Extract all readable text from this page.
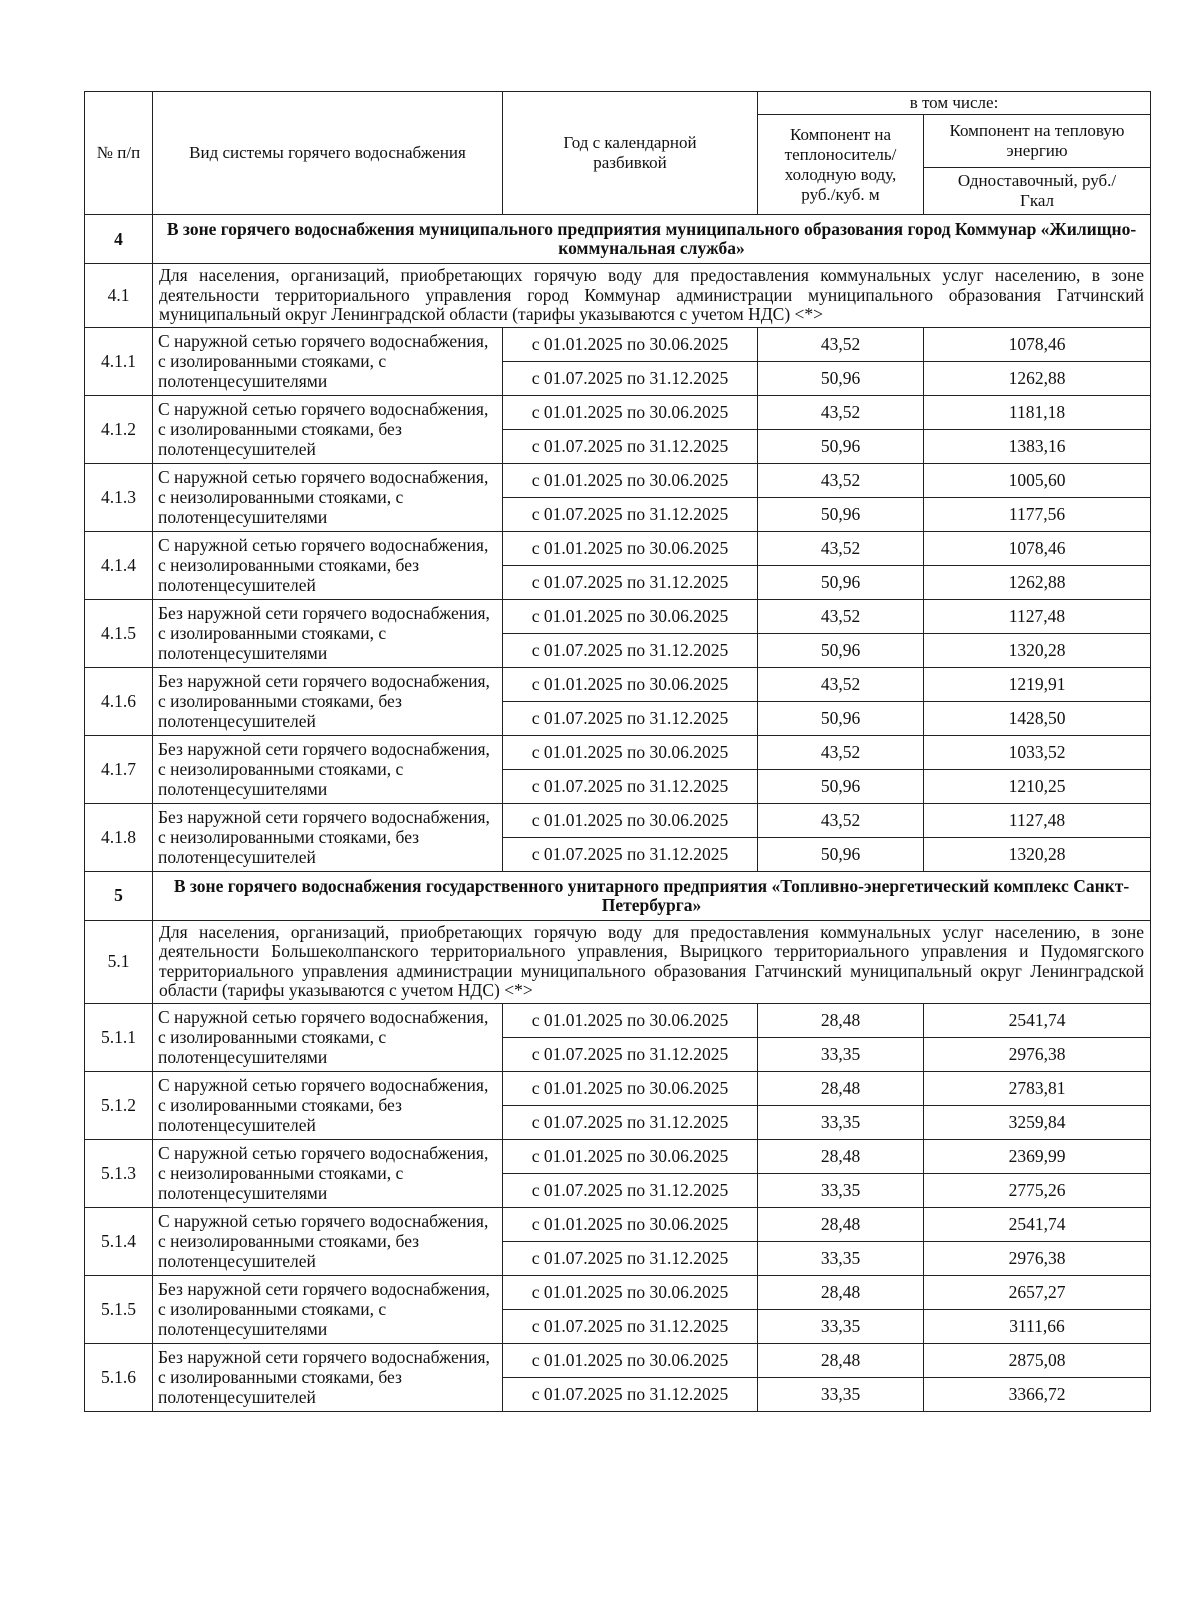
№ п/п	Вид системы горячего водоснабжения	Год с календарной разбивкой	в том числе:	
			Компонент на теплоноситель/ холодную воду, руб./куб. м	Компонент на тепловую энергию
				Одноставочный, руб./Гкал
4	В зоне горячего водоснабжения муниципального предприятия муниципального образования город Коммунар «Жилищно-коммунальная служба»			
4.1	Для населения, организаций, приобретающих горячую воду для предоставления коммунальных услуг населению, в зоне деятельности территориального управления город Коммунар администрации муниципального образования Гатчинский муниципальный округ Ленинградской области (тарифы указываются с учетом НДС) <*>			
4.1.1	С наружной сетью горячего водоснабжения, с изолированными стояками, с полотенцесушителями	с 01.01.2025 по 30.06.2025	43,52	1078,46
		с 01.07.2025 по 31.12.2025	50,96	1262,88
4.1.2	С наружной сетью горячего водоснабжения, с изолированными стояками, без полотенцесушителей	с 01.01.2025 по 30.06.2025	43,52	1181,18
		с 01.07.2025 по 31.12.2025	50,96	1383,16
4.1.3	С наружной сетью горячего водоснабжения, с неизолированными стояками, с полотенцесушителями	с 01.01.2025 по 30.06.2025	43,52	1005,60
		с 01.07.2025 по 31.12.2025	50,96	1177,56
4.1.4	С наружной сетью горячего водоснабжения, с неизолированными стояками, без полотенцесушителей	с 01.01.2025 по 30.06.2025	43,52	1078,46
		с 01.07.2025 по 31.12.2025	50,96	1262,88
4.1.5	Без наружной сети горячего водоснабжения, с изолированными стояками, с полотенцесушителями	с 01.01.2025 по 30.06.2025	43,52	1127,48
		с 01.07.2025 по 31.12.2025	50,96	1320,28
4.1.6	Без наружной сети горячего водоснабжения, с изолированными стояками, без полотенцесушителей	с 01.01.2025 по 30.06.2025	43,52	1219,91
		с 01.07.2025 по 31.12.2025	50,96	1428,50
4.1.7	Без наружной сети горячего водоснабжения, с неизолированными стояками, с полотенцесушителями	с 01.01.2025 по 30.06.2025	43,52	1033,52
		с 01.07.2025 по 31.12.2025	50,96	1210,25
4.1.8	Без наружной сети горячего водоснабжения, с неизолированными стояками, без полотенцесушителей	с 01.01.2025 по 30.06.2025	43,52	1127,48
		с 01.07.2025 по 31.12.2025	50,96	1320,28
5	В зоне горячего водоснабжения государственного унитарного предприятия «Топливно-энергетический комплекс Санкт-Петербурга»			
5.1	Для населения, организаций, приобретающих горячую воду для предоставления коммунальных услуг населению, в зоне деятельности Большеколпанского территориального управления, Вырицкого территориального управления и Пудомягского территориального управления администрации муниципального образования Гатчинский муниципальный округ Ленинградской области (тарифы указываются с учетом НДС) <*>			
5.1.1	С наружной сетью горячего водоснабжения, с изолированными стояками, с полотенцесушителями	с 01.01.2025 по 30.06.2025	28,48	2541,74
		с 01.07.2025 по 31.12.2025	33,35	2976,38
5.1.2	С наружной сетью горячего водоснабжения, с изолированными стояками, без полотенцесушителей	с 01.01.2025 по 30.06.2025	28,48	2783,81
		с 01.07.2025 по 31.12.2025	33,35	3259,84
5.1.3	С наружной сетью горячего водоснабжения, с неизолированными стояками, с полотенцесушителями	с 01.01.2025 по 30.06.2025	28,48	2369,99
		с 01.07.2025 по 31.12.2025	33,35	2775,26
5.1.4	С наружной сетью горячего водоснабжения, с неизолированными стояками, без полотенцесушителей	с 01.01.2025 по 30.06.2025	28,48	2541,74
		с 01.07.2025 по 31.12.2025	33,35	2976,38
5.1.5	Без наружной сети горячего водоснабжения, с изолированными стояками, с полотенцесушителями	с 01.01.2025 по 30.06.2025	28,48	2657,27
		с 01.07.2025 по 31.12.2025	33,35	3111,66
5.1.6	Без наружной сети горячего водоснабжения, с изолированными стояками, без полотенцесушителей	с 01.01.2025 по 30.06.2025	28,48	2875,08
		с 01.07.2025 по 31.12.2025	33,35	3366,72
